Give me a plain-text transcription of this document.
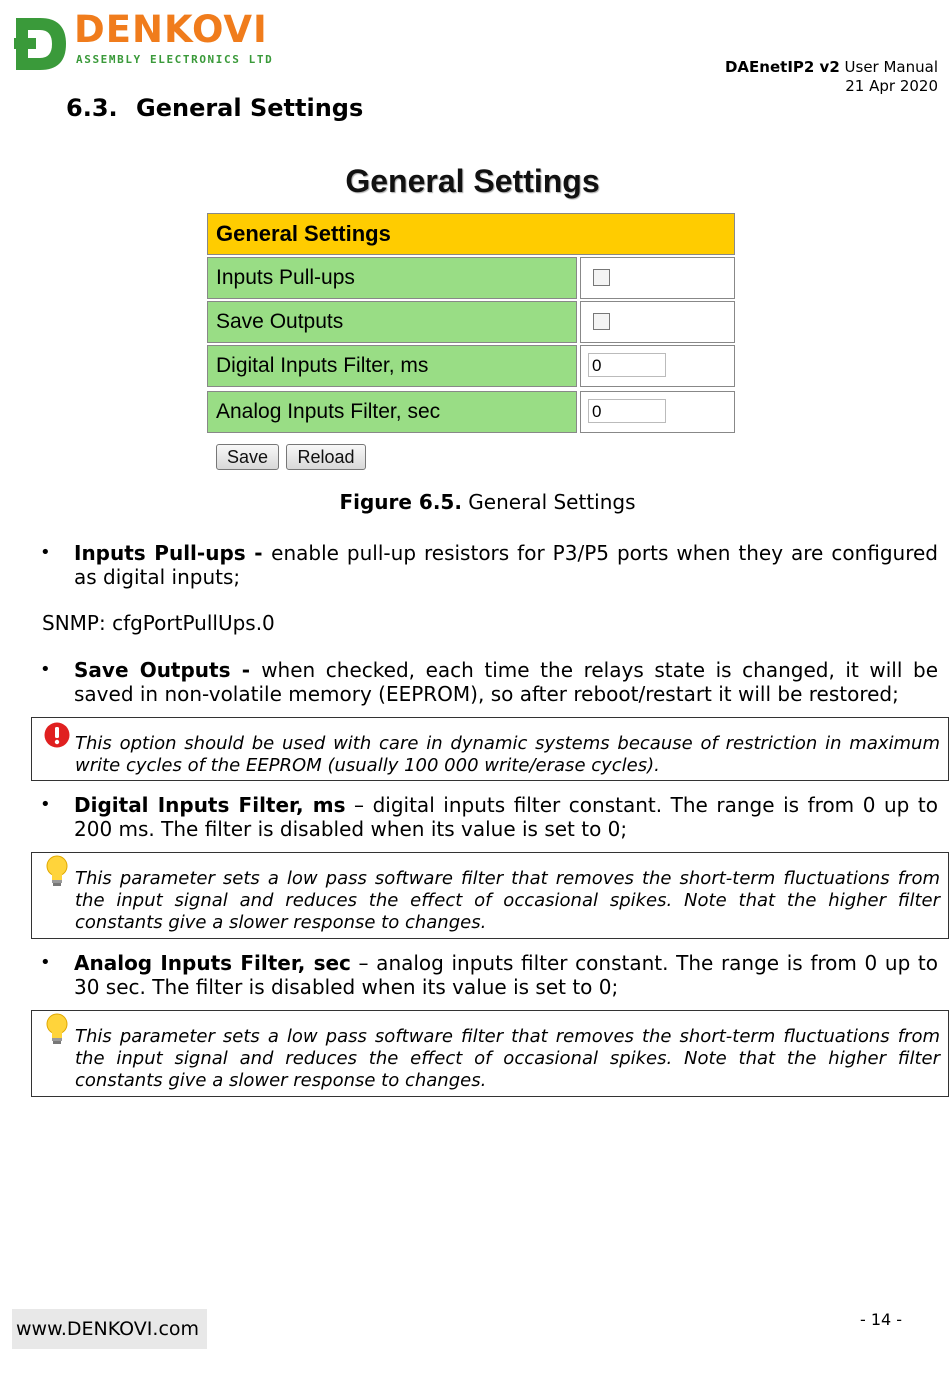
DENKOVI
ASSEMBLY ELECTRONICS LTD	DAEnetIP2 v2 User Manual
21 Apr 2020
6.3. General Settings
General Settings
General Settings
Inputs Pull-ups
Save Outputs
Digital Inputs Filter, ms	0
Analog Inputs Filter, sec	0
Save	Reload
Figure 6.5. General Settings
• Inputs Pull-ups - enable pull-up resistors for P3/P5 ports when they are configured as digital inputs;
SNMP: cfgPortPullUps.0
• Save Outputs - when checked, each time the relays state is changed, it will be saved in non-volatile memory (EEPROM), so after reboot/restart it will be restored;
This option should be used with care in dynamic systems because of restriction in maximum write cycles of the EEPROM (usually 100 000 write/erase cycles).
• Digital Inputs Filter, ms – digital inputs filter constant. The range is from 0 up to 200 ms. The filter is disabled when its value is set to 0;
This parameter sets a low pass software filter that removes the short-term fluctuations from the input signal and reduces the effect of occasional spikes. Note that the higher filter constants give a slower response to changes.
• Analog Inputs Filter, sec – analog inputs filter constant. The range is from 0 up to 30 sec. The filter is disabled when its value is set to 0;
This parameter sets a low pass software filter that removes the short-term fluctuations from the input signal and reduces the effect of occasional spikes. Note that the higher filter constants give a slower response to changes.
www.DENKOVI.com	- 14 -
